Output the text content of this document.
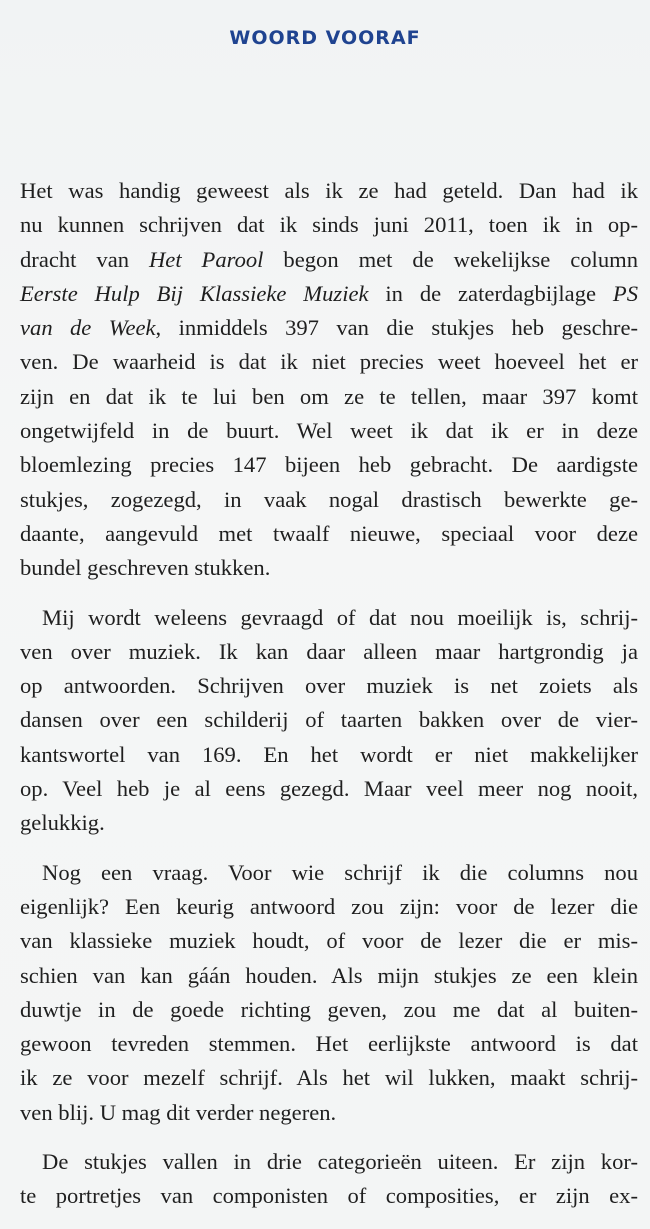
WOORD VOORAF
Het was handig geweest als ik ze had geteld. Dan had ik
nu kunnen schrijven dat ik sinds juni 2011, toen ik in op-
dracht van Het Parool begon met de wekelijkse column
Eerste Hulp Bij Klassieke Muziek in de zaterdagbijlage PS
van de Week, inmiddels 397 van die stukjes heb geschre-
ven. De waarheid is dat ik niet precies weet hoeveel het er
zijn en dat ik te lui ben om ze te tellen, maar 397 komt
ongetwijfeld in de buurt. Wel weet ik dat ik er in deze
bloemlezing precies 147 bijeen heb gebracht. De aardigste
stukjes, zogezegd, in vaak nogal drastisch bewerkte ge-
daante, aangevuld met twaalf nieuwe, speciaal voor deze
bundel geschreven stukken.
Mij wordt weleens gevraagd of dat nou moeilijk is, schrij-
ven over muziek. Ik kan daar alleen maar hartgrondig ja
op antwoorden. Schrijven over muziek is net zoiets als
dansen over een schilderij of taarten bakken over de vier-
kantswortel van 169. En het wordt er niet makkelijker
op. Veel heb je al eens gezegd. Maar veel meer nog nooit,
gelukkig.
Nog een vraag. Voor wie schrijf ik die columns nou
eigenlijk? Een keurig antwoord zou zijn: voor de lezer die
van klassieke muziek houdt, of voor de lezer die er mis-
schien van kan gáán houden. Als mijn stukjes ze een klein
duwtje in de goede richting geven, zou me dat al buiten-
gewoon tevreden stemmen. Het eerlijkste antwoord is dat
ik ze voor mezelf schrijf. Als het wil lukken, maakt schrij-
ven blij. U mag dit verder negeren.
De stukjes vallen in drie categorieën uiteen. Er zijn kor-
te portretjes van componisten of composities, er zijn ex-
